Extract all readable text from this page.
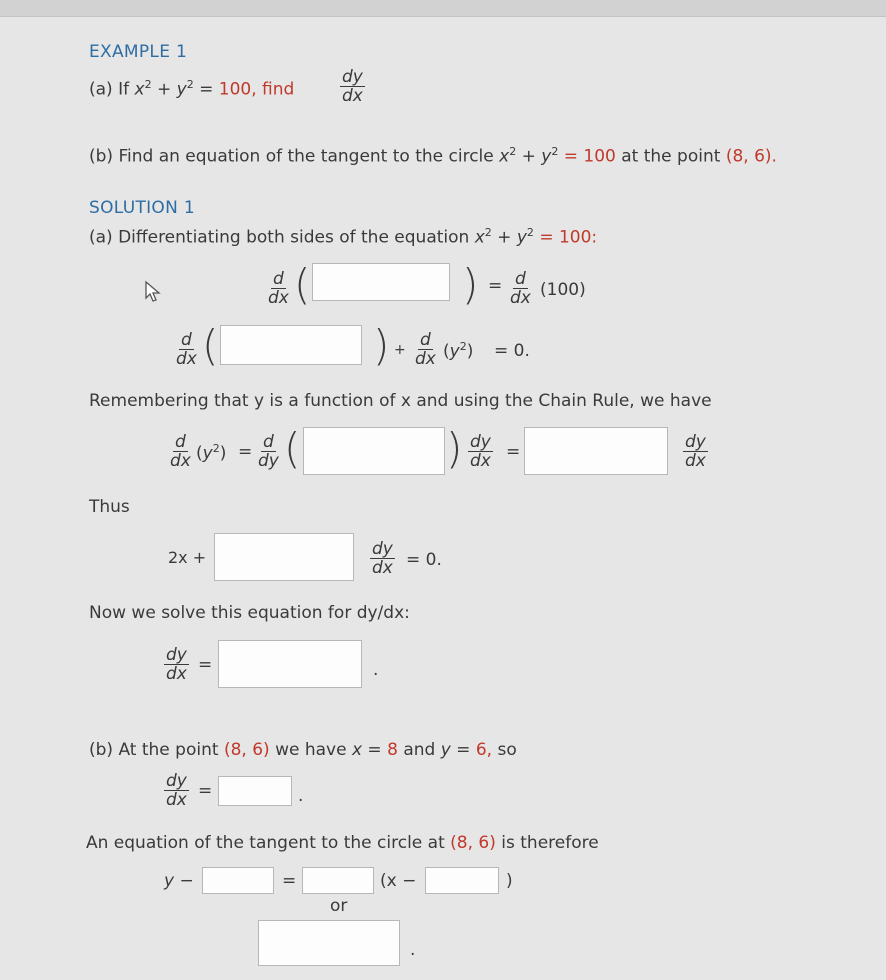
EXAMPLE 1
(a) If $x^2 + y^2 = 100$, find	$\frac{dy}{dx}$
(b) Find an equation of the tangent to the circle $x^2 + y^2 = 100$ at the point (8, 6).
SOLUTION 1
(a) Differentiating both sides of the equation $x^2 + y^2 = 100$:
$\frac{d}{dx}$ (	) = $\frac{d}{dx} (100)$
$\frac{d}{dx}$ (	) + $\frac{d}{dx} (y^2) = 0$.
Remembering that y is a function of x and using the Chain Rule, we have
$\frac{d}{dx} (y^2) = \frac{d}{dy}$ (	) $\frac{dy}{dx}$ =	$\frac{dy}{dx}$
Thus
2x +	$\frac{dy}{dx} = 0$.
Now we solve this equation for dy/dx:
$\frac{dy}{dx}$ =	.
(b) At the point (8, 6) we have x = 8 and y = 6, so
$\frac{dy}{dx}$ =	.
An equation of the tangent to the circle at (8, 6) is therefore
y −	=	(x −	)
or
.
